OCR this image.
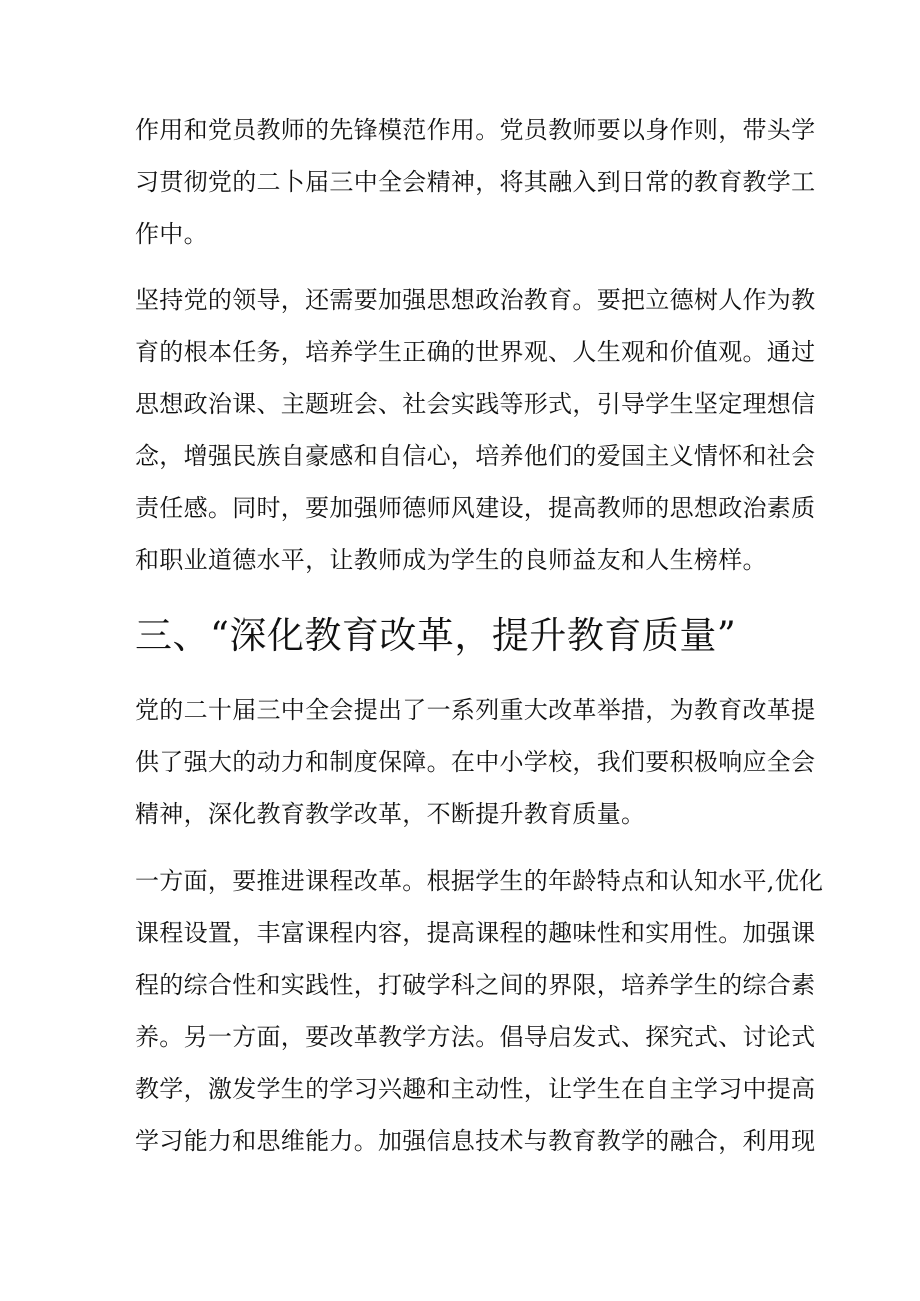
作用和党员教师的先锋模范作用。党员教师要以身作则，带头学
习贯彻党的二卜届三中全会精神，将其融入到日常的教育教学工
作中。

坚持党的领导，还需要加强思想政治教育。要把立德树人作为教
育的根本任务，培养学生正确的世界观、人生观和价值观。通过
思想政治课、主题班会、社会实践等形式，引导学生坚定理想信
念，增强民族自豪感和自信心，培养他们的爱国主义情怀和社会
责任感。同时，要加强师德师风建设，提高教师的思想政治素质
和职业道德水平，让教师成为学生的良师益友和人生榜样。

三、“深化教育改革，提升教育质量”

党的二十届三中全会提出了一系列重大改革举措，为教育改革提
供了强大的动力和制度保障。在中小学校，我们要积极响应全会
精神，深化教育教学改革，不断提升教育质量。

一方面，要推进课程改革。根据学生的年龄特点和认知水平,优化
课程设置，丰富课程内容，提高课程的趣味性和实用性。加强课
程的综合性和实践性，打破学科之间的界限，培养学生的综合素
养。另一方面，要改革教学方法。倡导启发式、探究式、讨论式
教学，激发学生的学习兴趣和主动性，让学生在自主学习中提高
学习能力和思维能力。加强信息技术与教育教学的融合，利用现
